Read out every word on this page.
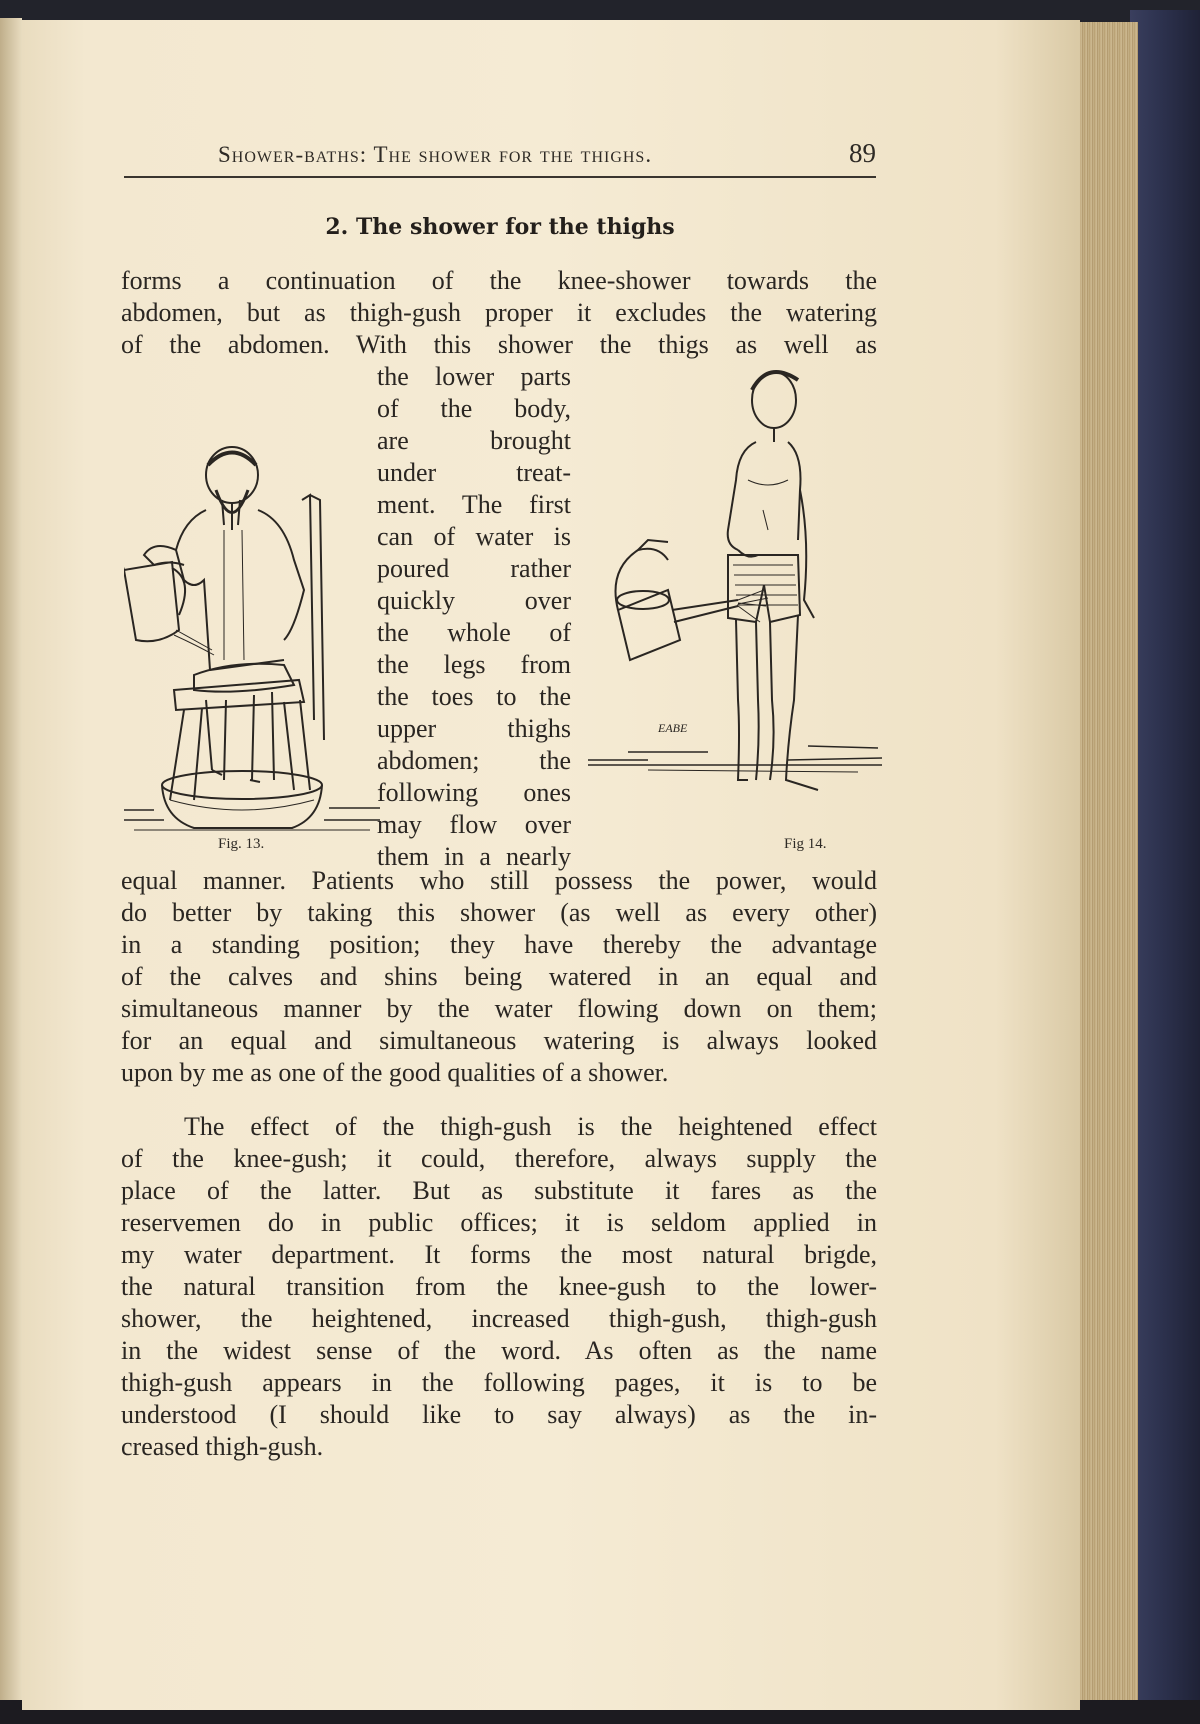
Shower-baths: The shower for the thighs.	89
2. The shower for the thighs
forms a continuation of the knee-shower towards the
abdomen, but as thigh-gush proper it excludes the watering
of the abdomen. With this shower the thigs as well as
the lower parts
of the body,
are brought
under treat-
ment. The first
can of water is
poured rather
quickly over
the whole of
the legs from
the toes to the
upper thighs
abdomen; the
following ones
may flow over
them in a nearly
equal manner. Patients who still possess the power, would
do better by taking this shower (as well as every other)
in a standing position; they have thereby the advantage
of the calves and shins being watered in an equal and
simultaneous manner by the water flowing down on them;
for an equal and simultaneous watering is always looked
upon by me as one of the good qualities of a shower.
The effect of the thigh-gush is the heightened effect
of the knee-gush; it could, therefore, always supply the
place of the latter. But as substitute it fares as the
reservemen do in public offices; it is seldom applied in
my water department. It forms the most natural brigde,
the natural transition from the knee-gush to the lower-
shower, the heightened, increased thigh-gush, thigh-gush
in the widest sense of the word. As often as the name
thigh-gush appears in the following pages, it is to be
understood (I should like to say always) as the in-
creased thigh-gush.
Fig. 13.
EABE
Fig 14.
